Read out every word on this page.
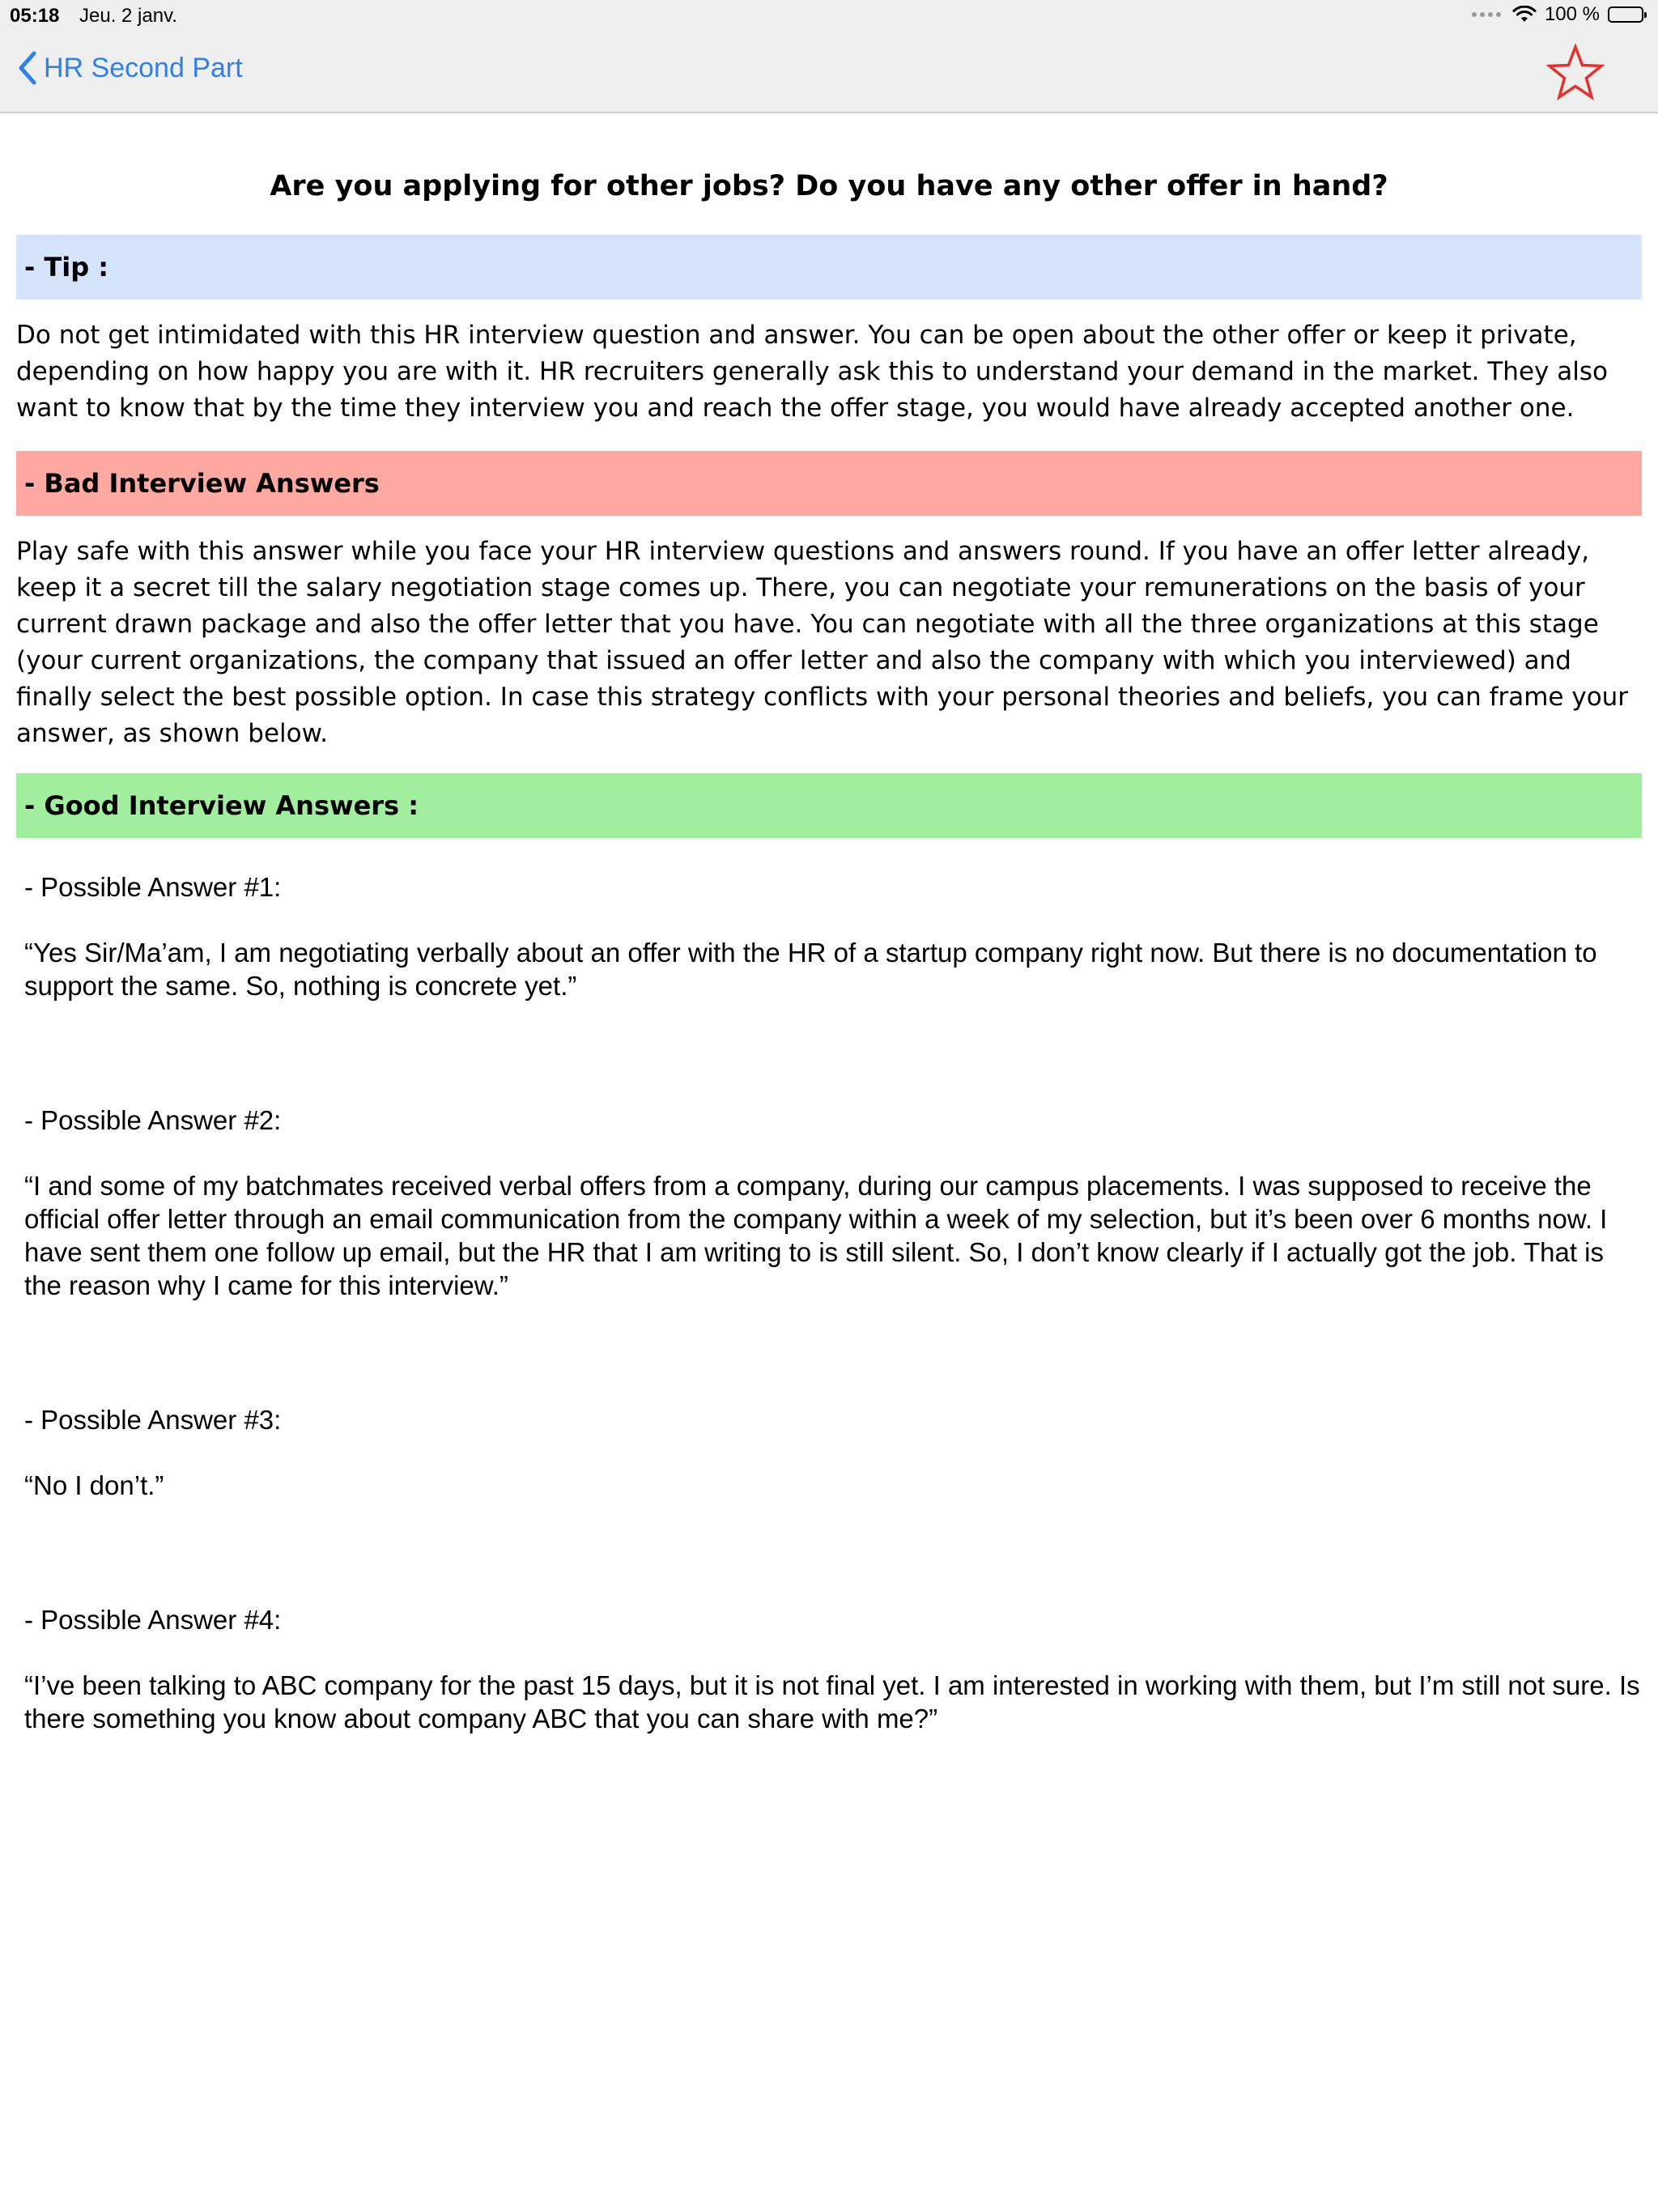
05:18 Jeu. 2 janv.	100 %
HR Second Part
Are you applying for other jobs? Do you have any other offer in hand?
- Tip :

Do not get intimidated with this HR interview question and answer. You can be open about the other offer or keep it private, depending on how happy you are with it. HR recruiters generally ask this to understand your demand in the market. They also want to know that by the time they interview you and reach the offer stage, you would have already accepted another one.

- Bad Interview Answers

Play safe with this answer while you face your HR interview questions and answers round. If you have an offer letter already, keep it a secret till the salary negotiation stage comes up. There, you can negotiate your remunerations on the basis of your current drawn package and also the offer letter that you have. You can negotiate with all the three organizations at this stage (your current organizations, the company that issued an offer letter and also the company with which you interviewed) and finally select the best possible option. In case this strategy conflicts with your personal theories and beliefs, you can frame your answer, as shown below.

- Good Interview Answers :

- Possible Answer #1:

“Yes Sir/Ma’am, I am negotiating verbally about an offer with the HR of a startup company right now. But there is no documentation to support the same. So, nothing is concrete yet.”

- Possible Answer #2:

“I and some of my batchmates received verbal offers from a company, during our campus placements. I was supposed to receive the official offer letter through an email communication from the company within a week of my selection, but it’s been over 6 months now. I have sent them one follow up email, but the HR that I am writing to is still silent. So, I don’t know clearly if I actually got the job. That is the reason why I came for this interview.”

- Possible Answer #3:

“No I don’t.”

- Possible Answer #4:

“I’ve been talking to ABC company for the past 15 days, but it is not final yet. I am interested in working with them, but I’m still not sure. Is there something you know about company ABC that you can share with me?”
